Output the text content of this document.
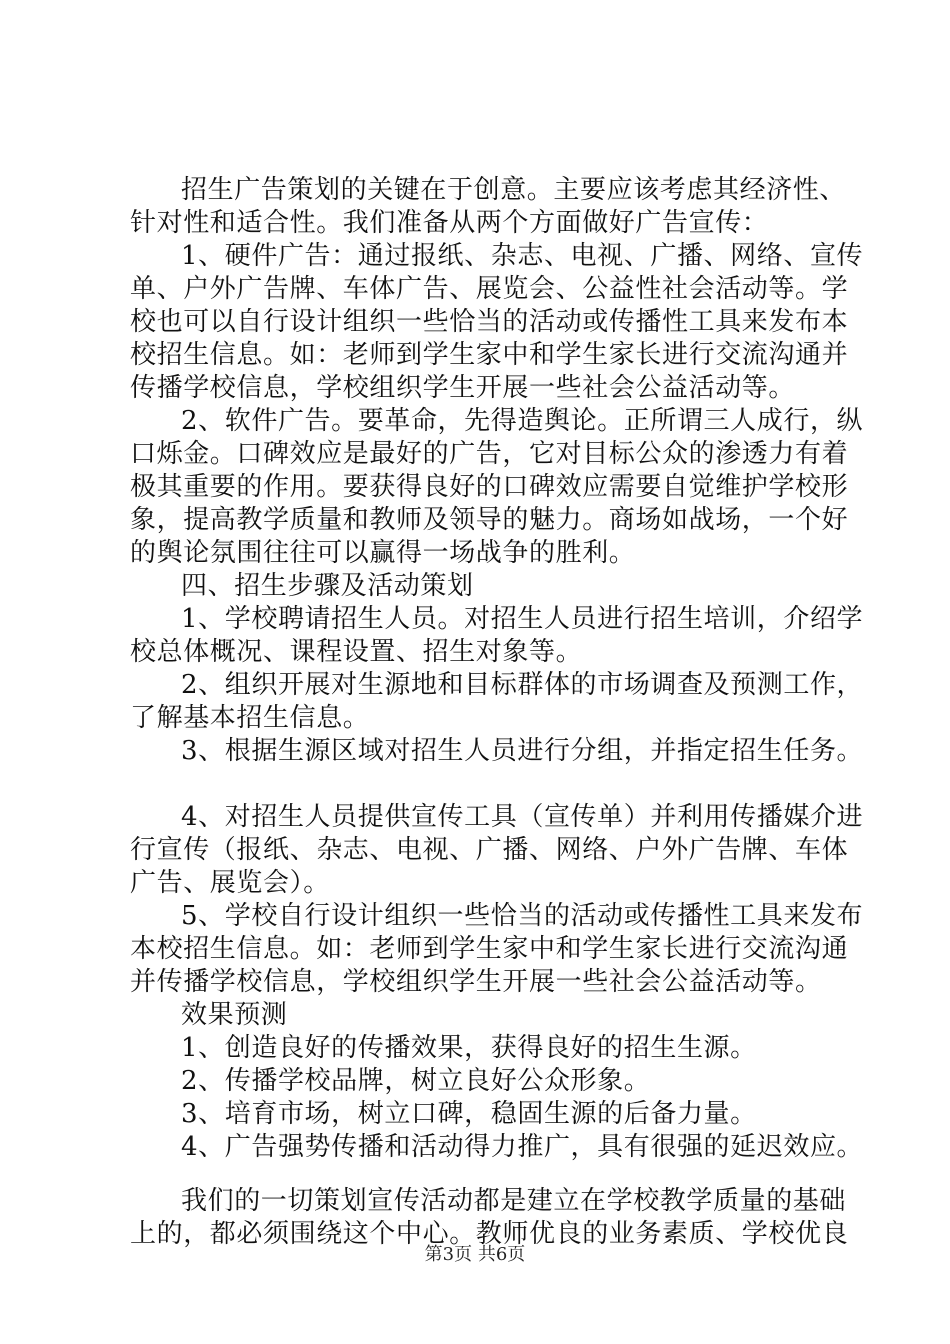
招生广告策划的关键在于创意。主要应该考虑其经济性、
针对性和适合性。我们准备从两个方面做好广告宣传：
1、硬件广告：通过报纸、杂志、电视、广播、网络、宣传
单、户外广告牌、车体广告、展览会、公益性社会活动等。学
校也可以自行设计组织一些恰当的活动或传播性工具来发布本
校招生信息。如：老师到学生家中和学生家长进行交流沟通并
传播学校信息，学校组织学生开展一些社会公益活动等。
2、软件广告。要革命，先得造舆论。正所谓三人成行，纵
口烁金。口碑效应是最好的广告，它对目标公众的渗透力有着
极其重要的作用。要获得良好的口碑效应需要自觉维护学校形
象，提高教学质量和教师及领导的魅力。商场如战场，一个好
的舆论氛围往往可以赢得一场战争的胜利。
四、招生步骤及活动策划
1、学校聘请招生人员。对招生人员进行招生培训，介绍学
校总体概况、课程设置、招生对象等。
2、组织开展对生源地和目标群体的市场调查及预测工作，
了解基本招生信息。
3、根据生源区域对招生人员进行分组，并指定招生任务。
4、对招生人员提供宣传工具（宣传单）并利用传播媒介进
行宣传（报纸、杂志、电视、广播、网络、户外广告牌、车体
广告、展览会）。
5、学校自行设计组织一些恰当的活动或传播性工具来发布
本校招生信息。如：老师到学生家中和学生家长进行交流沟通
并传播学校信息，学校组织学生开展一些社会公益活动等。
效果预测
1、创造良好的传播效果，获得良好的招生生源。
2、传播学校品牌，树立良好公众形象。
3、培育市场，树立口碑，稳固生源的后备力量。
4、广告强势传播和活动得力推广，具有很强的延迟效应。
我们的一切策划宣传活动都是建立在学校教学质量的基础
上的，都必须围绕这个中心。教师优良的业务素质、学校优良
第3页 共6页
